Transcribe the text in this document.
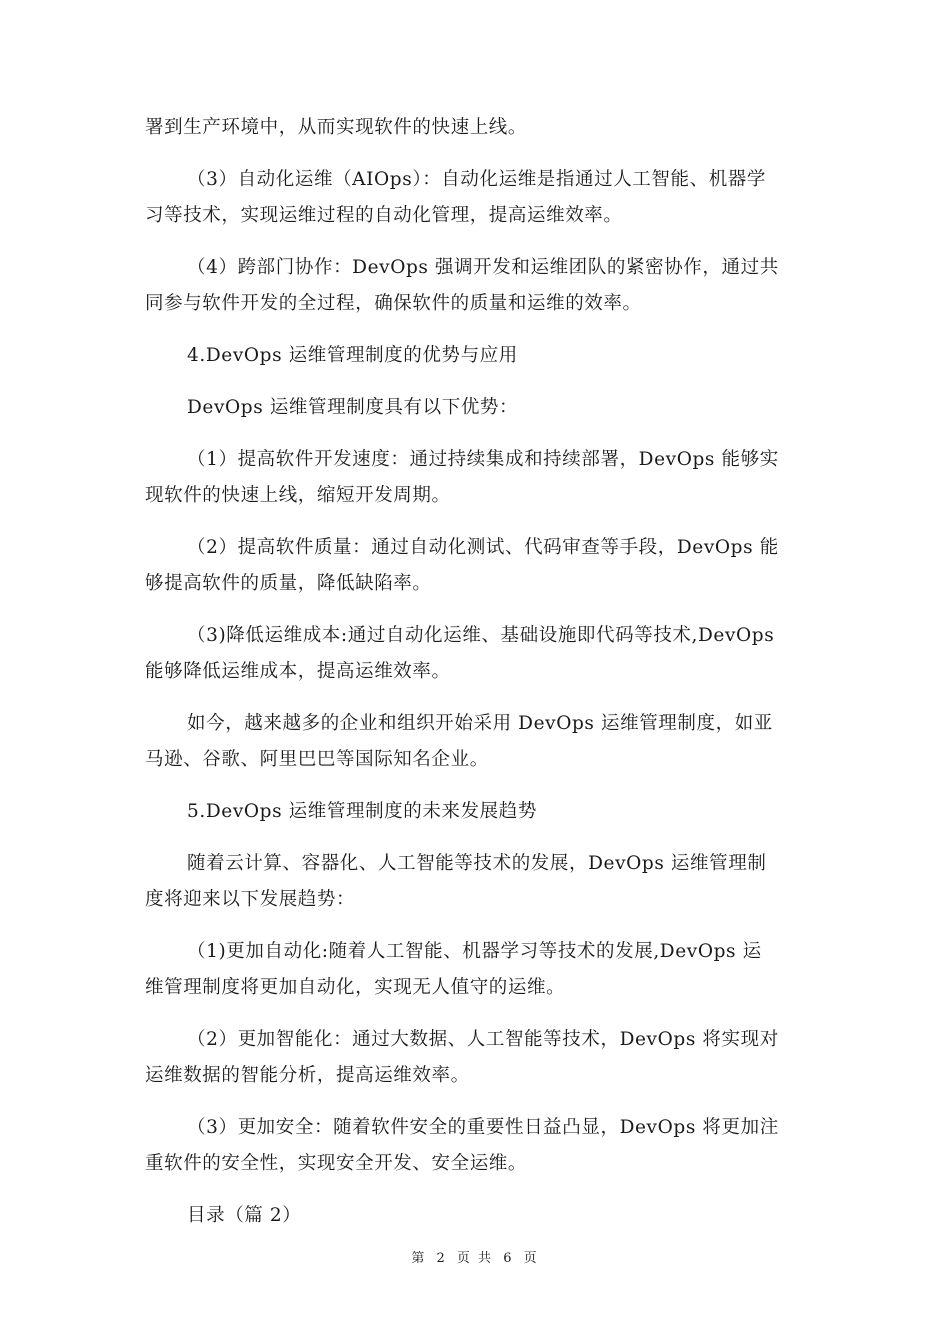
署到生产环境中，从而实现软件的快速上线。

（3）自动化运维（AIOps）：自动化运维是指通过人工智能、机器学
习等技术，实现运维过程的自动化管理，提高运维效率。

（4）跨部门协作：DevOps 强调开发和运维团队的紧密协作，通过共
同参与软件开发的全过程，确保软件的质量和运维的效率。

4.DevOps 运维管理制度的优势与应用

DevOps 运维管理制度具有以下优势：

（1）提高软件开发速度：通过持续集成和持续部署，DevOps 能够实
现软件的快速上线，缩短开发周期。

（2）提高软件质量：通过自动化测试、代码审查等手段，DevOps 能
够提高软件的质量，降低缺陷率。

（3)降低运维成本:通过自动化运维、基础设施即代码等技术,DevOps
能够降低运维成本，提高运维效率。

如今，越来越多的企业和组织开始采用 DevOps 运维管理制度，如亚
马逊、谷歌、阿里巴巴等国际知名企业。

5.DevOps 运维管理制度的未来发展趋势

随着云计算、容器化、人工智能等技术的发展，DevOps 运维管理制
度将迎来以下发展趋势：

（1)更加自动化:随着人工智能、机器学习等技术的发展,DevOps 运
维管理制度将更加自动化，实现无人值守的运维。

（2）更加智能化：通过大数据、人工智能等技术，DevOps 将实现对
运维数据的智能分析，提高运维效率。

（3）更加安全：随着软件安全的重要性日益凸显，DevOps 将更加注
重软件的安全性，实现安全开发、安全运维。

目录（篇 2）

第 2 页 共 6 页
